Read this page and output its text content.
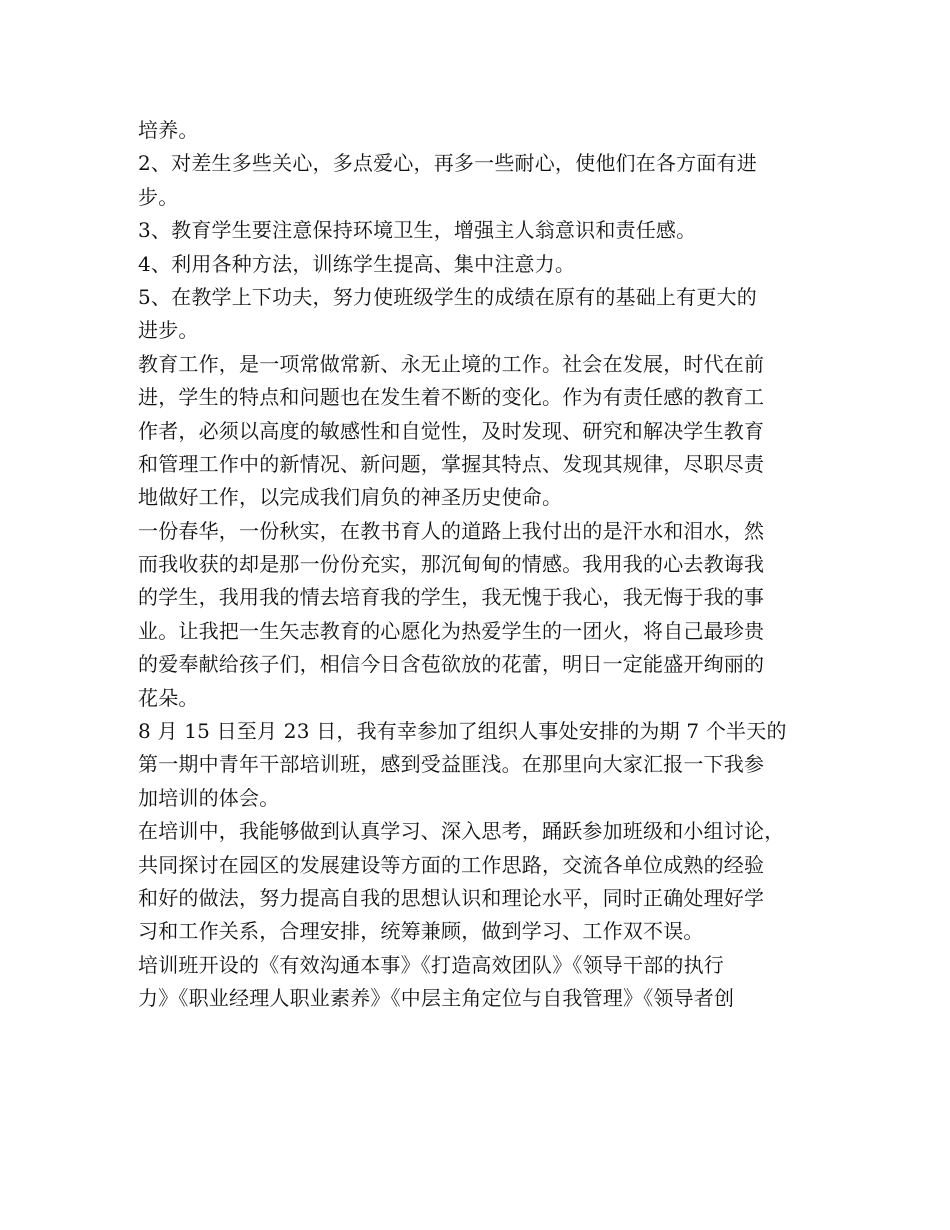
培养。
2、对差生多些关心，多点爱心，再多一些耐心，使他们在各方面有进
步。
3、教育学生要注意保持环境卫生，增强主人翁意识和责任感。
4、利用各种方法，训练学生提高、集中注意力。
5、在教学上下功夫，努力使班级学生的成绩在原有的基础上有更大的
进步。
教育工作，是一项常做常新、永无止境的工作。社会在发展，时代在前
进，学生的特点和问题也在发生着不断的变化。作为有责任感的教育工
作者，必须以高度的敏感性和自觉性，及时发现、研究和解决学生教育
和管理工作中的新情况、新问题，掌握其特点、发现其规律，尽职尽责
地做好工作，以完成我们肩负的神圣历史使命。
一份春华，一份秋实，在教书育人的道路上我付出的是汗水和泪水，然
而我收获的却是那一份份充实，那沉甸甸的情感。我用我的心去教诲我
的学生，我用我的情去培育我的学生，我无愧于我心，我无悔于我的事
业。让我把一生矢志教育的心愿化为热爱学生的一团火，将自己最珍贵
的爱奉献给孩子们，相信今日含苞欲放的花蕾，明日一定能盛开绚丽的
花朵。
8 月 15 日至月 23 日，我有幸参加了组织人事处安排的为期 7 个半天的
第一期中青年干部培训班，感到受益匪浅。在那里向大家汇报一下我参
加培训的体会。
在培训中，我能够做到认真学习、深入思考，踊跃参加班级和小组讨论，
共同探讨在园区的发展建设等方面的工作思路，交流各单位成熟的经验
和好的做法，努力提高自我的思想认识和理论水平，同时正确处理好学
习和工作关系，合理安排，统筹兼顾，做到学习、工作双不误。
培训班开设的《有效沟通本事》《打造高效团队》《领导干部的执行
力》《职业经理人职业素养》《中层主角定位与自我管理》《领导者创
